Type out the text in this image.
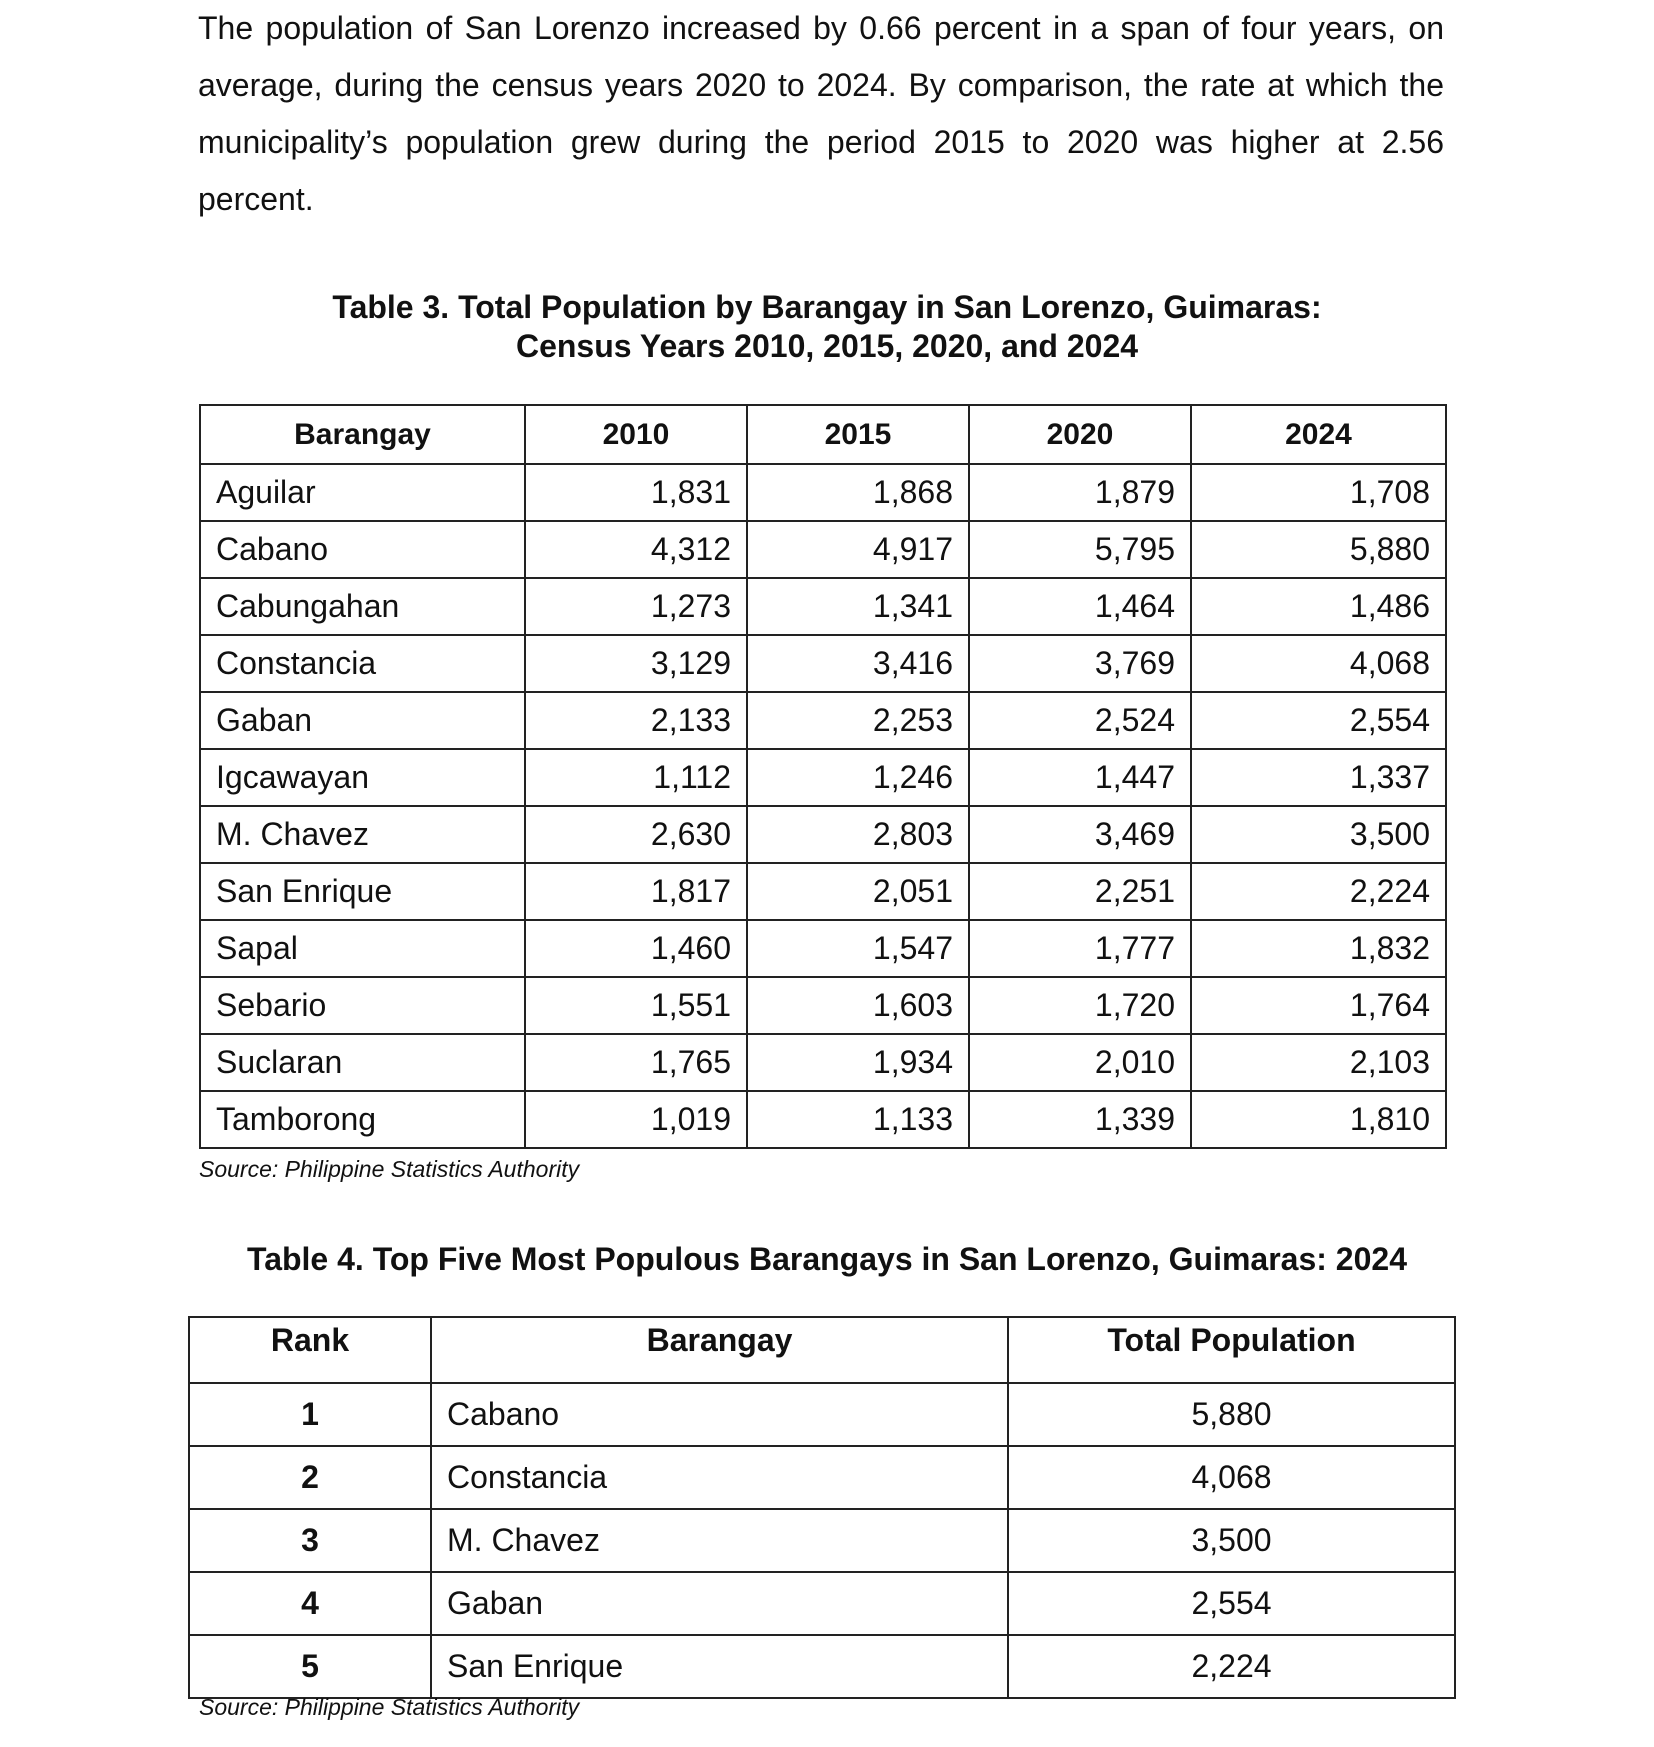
The population of San Lorenzo increased by 0.66 percent in a span of four years, on average, during the census years 2020 to 2024. By comparison, the rate at which the municipality’s population grew during the period 2015 to 2020 was higher at 2.56 percent.

Table 3. Total Population by Barangay in San Lorenzo, Guimaras:
Census Years 2010, 2015, 2020, and 2024
Barangay	2010	2015	2020	2024
Aguilar	1,831	1,868	1,879	1,708
Cabano	4,312	4,917	5,795	5,880
Cabungahan	1,273	1,341	1,464	1,486
Constancia	3,129	3,416	3,769	4,068
Gaban	2,133	2,253	2,524	2,554
Igcawayan	1,112	1,246	1,447	1,337
M. Chavez	2,630	2,803	3,469	3,500
San Enrique	1,817	2,051	2,251	2,224
Sapal	1,460	1,547	1,777	1,832
Sebario	1,551	1,603	1,720	1,764
Suclaran	1,765	1,934	2,010	2,103
Tamborong	1,019	1,133	1,339	1,810

Source: Philippine Statistics Authority

Table 4. Top Five Most Populous Barangays in San Lorenzo, Guimaras: 2024
Rank	Barangay	Total Population
1	Cabano	5,880
2	Constancia	4,068
3	M. Chavez	3,500
4	Gaban	2,554
5	San Enrique	2,224

Source: Philippine Statistics Authority
